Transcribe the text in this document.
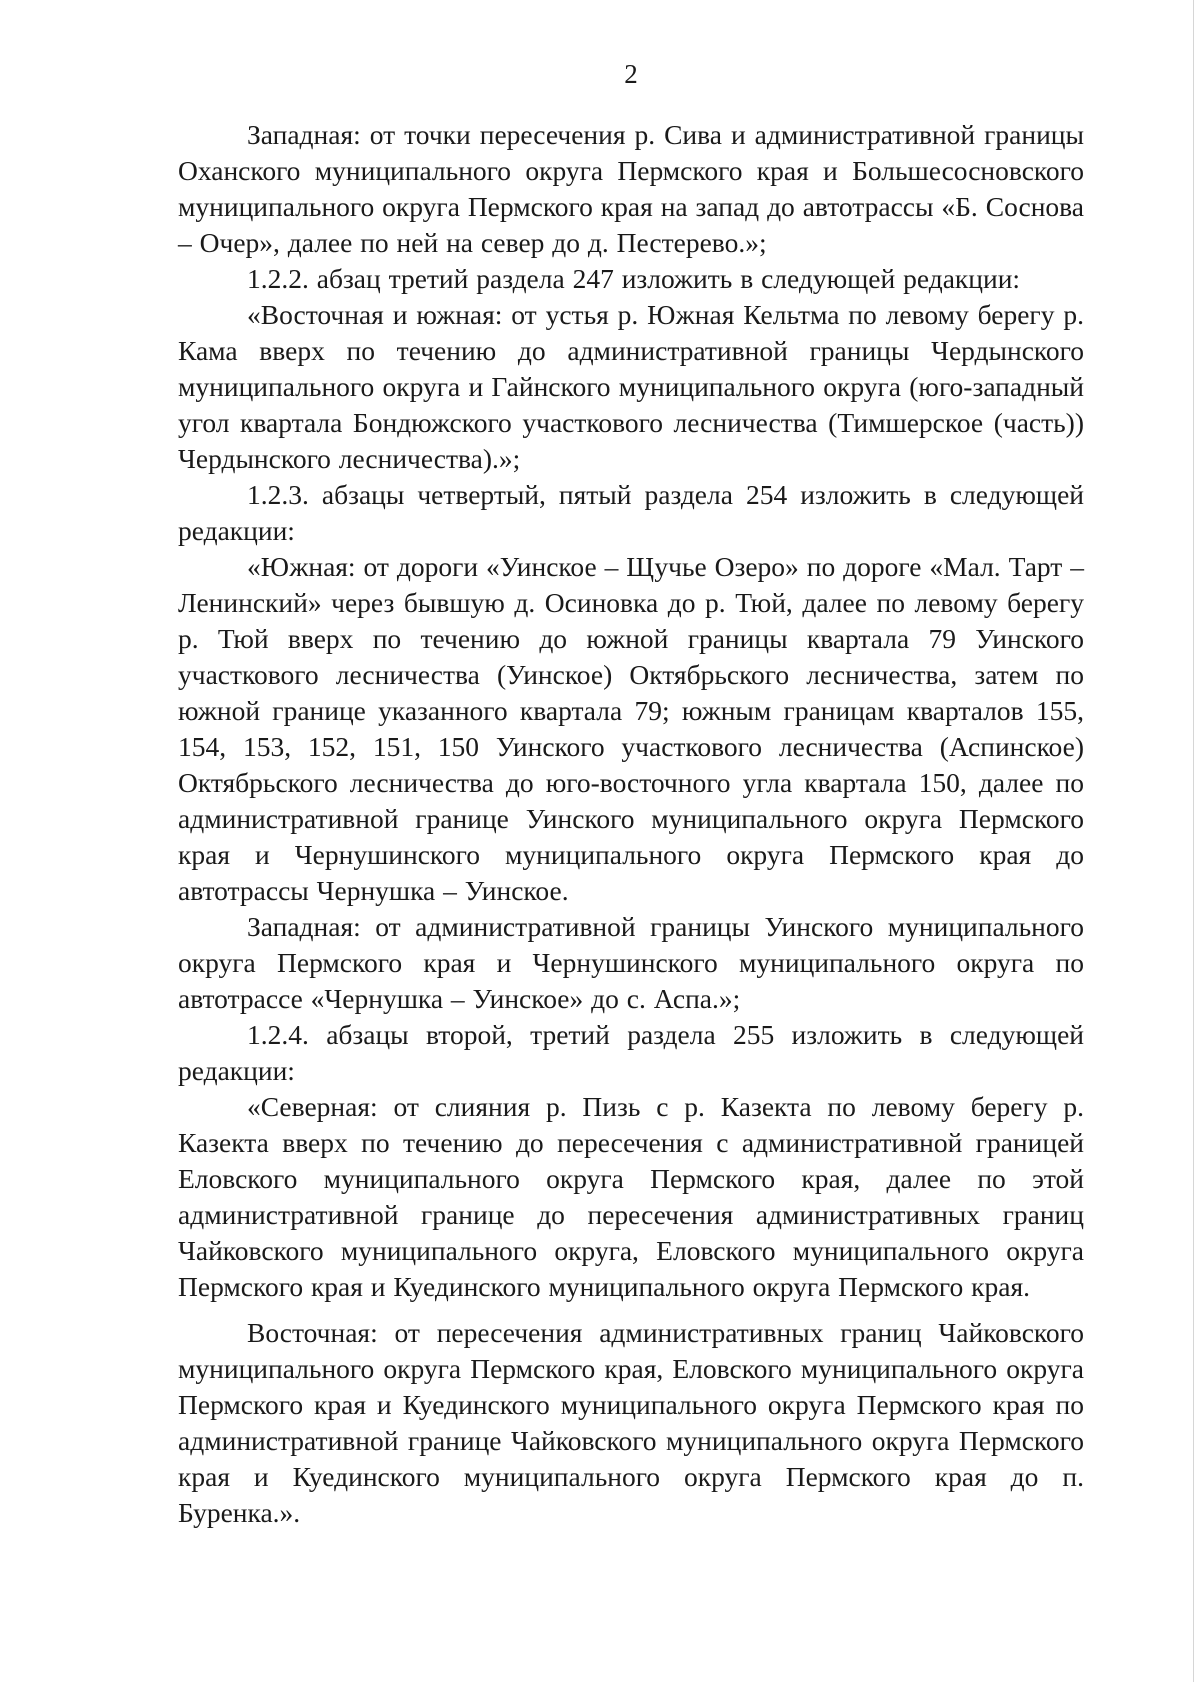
2

Западная: от точки пересечения р. Сива и административной границы Оханского муниципального округа Пермского края и Большесосновского муниципального округа Пермского края на запад до автотрассы «Б. Соснова – Очер», далее по ней на север до д. Пестерево.»;

1.2.2. абзац третий раздела 247 изложить в следующей редакции:

«Восточная и южная: от устья р. Южная Кельтма по левому берегу р. Кама вверх по течению до административной границы Чердынского муниципального округа и Гайнского муниципального округа (юго-западный угол квартала Бондюжского участкового лесничества (Тимшерское (часть)) Чердынского лесничества).»;

1.2.3. абзацы четвертый, пятый раздела 254 изложить в следующей редакции:

«Южная: от дороги «Уинское – Щучье Озеро» по дороге «Мал. Тарт – Ленинский» через бывшую д. Осиновка до р. Тюй, далее по левому берегу р. Тюй вверх по течению до южной границы квартала 79 Уинского участкового лесничества (Уинское) Октябрьского лесничества, затем по южной границе указанного квартала 79; южным границам кварталов 155, 154, 153, 152, 151, 150 Уинского участкового лесничества (Аспинское) Октябрьского лесничества до юго-восточного угла квартала 150, далее по административной границе Уинского муниципального округа Пермского края и Чернушинского муниципального округа Пермского края до автотрассы Чернушка – Уинское.

Западная: от административной границы Уинского муниципального округа Пермского края и Чернушинского муниципального округа по автотрассе «Чернушка – Уинское» до с. Аспа.»;

1.2.4. абзацы второй, третий раздела 255 изложить в следующей редакции:

«Северная: от слияния р. Пизь с р. Казекта по левому берегу р. Казекта вверх по течению до пересечения с административной границей Еловского муниципального округа Пермского края, далее по этой административной границе до пересечения административных границ Чайковского муниципального округа, Еловского муниципального округа Пермского края и Куединского муниципального округа Пермского края.

Восточная: от пересечения административных границ Чайковского муниципального округа Пермского края, Еловского муниципального округа Пермского края и Куединского муниципального округа Пермского края по административной границе Чайковского муниципального округа Пермского края и Куединского муниципального округа Пермского края до п. Буренка.».
